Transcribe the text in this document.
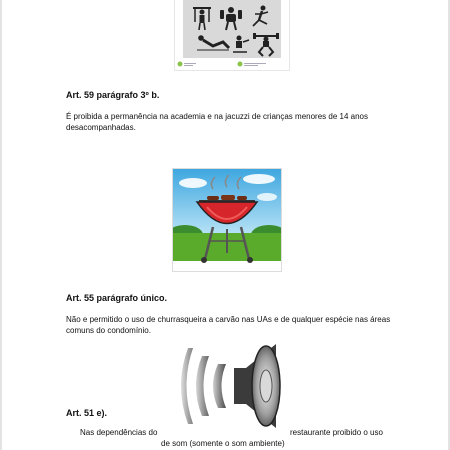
Art. 59 parágrafo 3º b.
É proibida a permanência na academia e na jacuzzi de crianças menores de 14 anos desacompanhadas.
Art. 55 parágrafo único.
Não e permitido o uso de churrasqueira a carvão nas UAs e de qualquer espécie nas áreas comuns do condomínio.
Art. 51 e).
Nas dependências do	restaurante proibido o uso
de som (somente o som ambiente)
